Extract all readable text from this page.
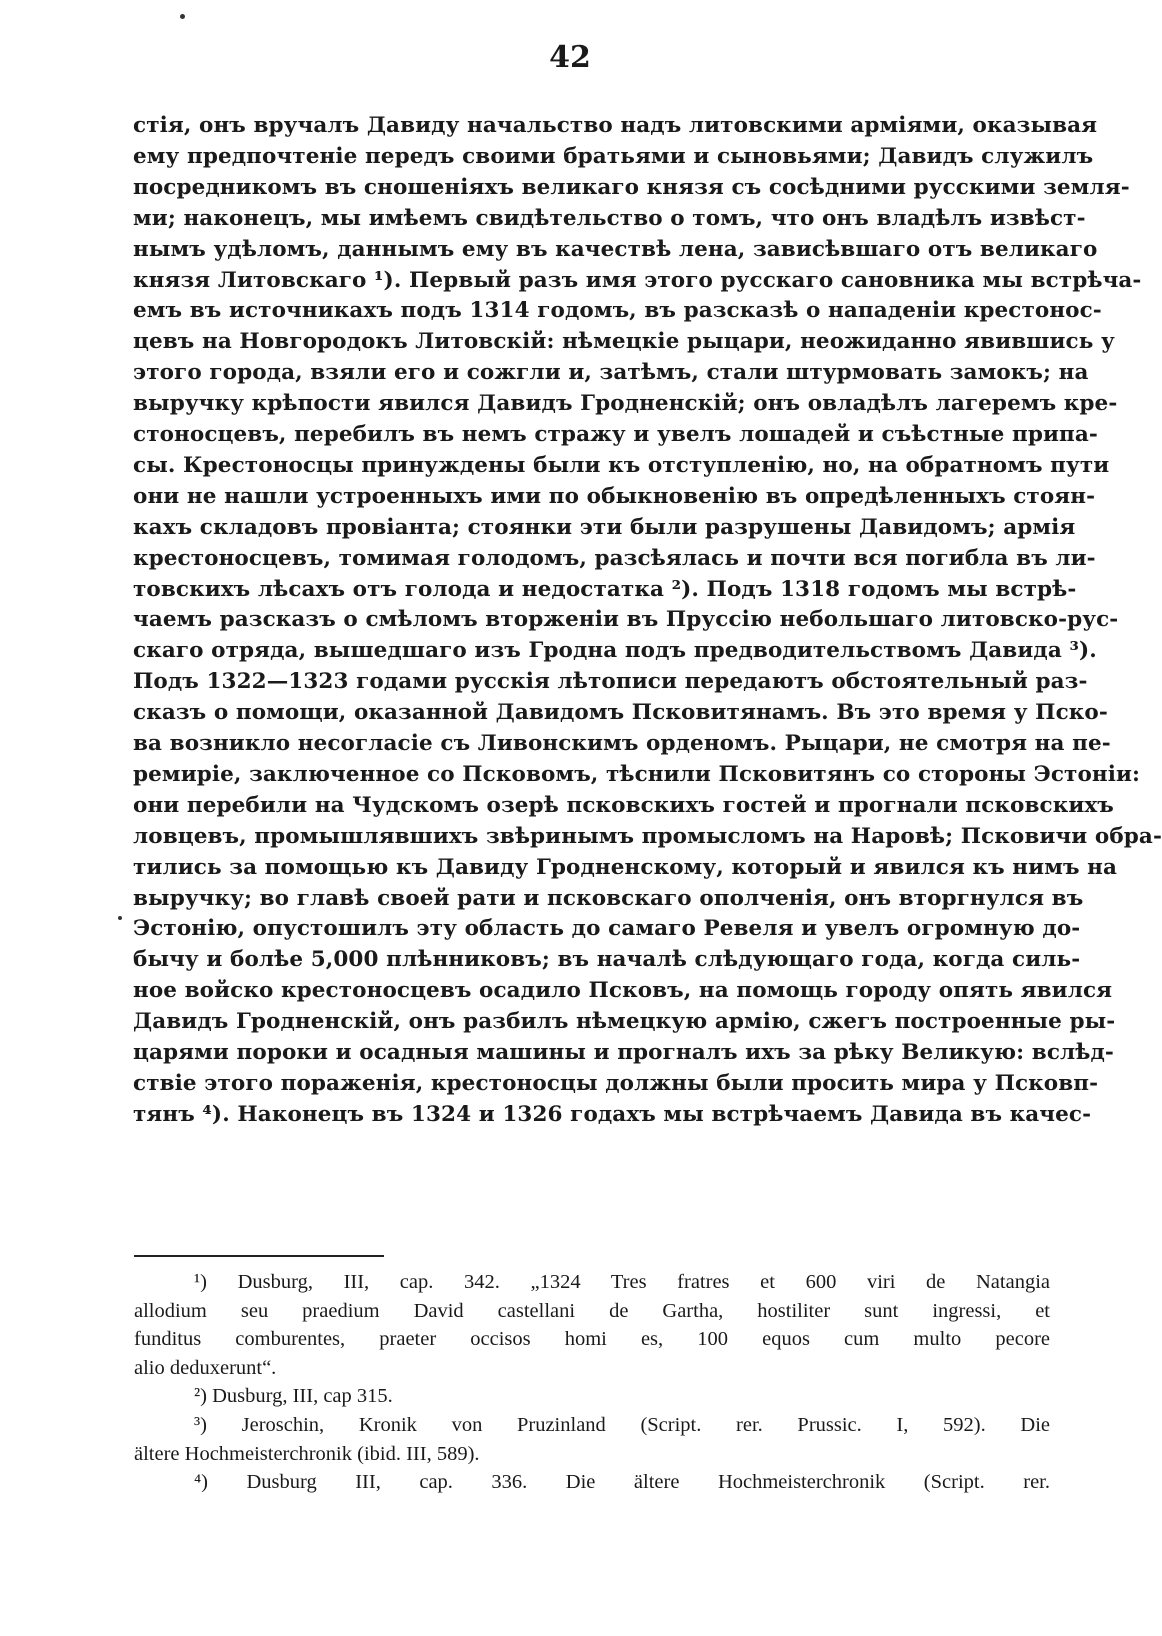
42
стія, онъ вручалъ Давиду начальство надъ литовскими арміями, оказывая
ему предпочтеніе передъ своими братьями и сыновьями; Давидъ служилъ
посредникомъ въ сношеніяхъ великаго князя съ сосѣдними русскими земля-
ми; наконецъ, мы имѣемъ свидѣтельство о томъ, что онъ владѣлъ извѣст-
нымъ удѣломъ, даннымъ ему въ качествѣ лена, зависѣвшаго отъ великаго
князя Литовскаго ¹). Первый разъ имя этого русскаго сановника мы встрѣча-
емъ въ источникахъ подъ 1314 годомъ, въ разсказѣ о нападеніи крестонос-
цевъ на Новгородокъ Литовскій: нѣмецкіе рыцари, неожиданно явившись у
этого города, взяли его и сожгли и, затѣмъ, стали штурмовать замокъ; на
выручку крѣпости явился Давидъ Гродненскій; онъ овладѣлъ лагеремъ кре-
стоносцевъ, перебилъ въ немъ стражу и увелъ лошадей и съѣстные припа-
сы. Крестоносцы принуждены были къ отступленію, но, на обратномъ пути
они не нашли устроенныхъ ими по обыкновенію въ опредѣленныхъ стоян-
кахъ складовъ провіанта; стоянки эти были разрушены Давидомъ; армія
крестоносцевъ, томимая голодомъ, разсѣялась и почти вся погибла въ ли-
товскихъ лѣсахъ отъ голода и недостатка ²). Подъ 1318 годомъ мы встрѣ-
чаемъ разсказъ о смѣломъ вторженіи въ Пруссію небольшаго литовско-рус-
скаго отряда, вышедшаго изъ Гродна подъ предводительствомъ Давида ³).
Подъ 1322—1323 годами русскія лѣтописи передаютъ обстоятельный раз-
сказъ о помощи, оказанной Давидомъ Псковитянамъ. Въ это время у Пско-
ва возникло несогласіе съ Ливонскимъ орденомъ. Рыцари, не смотря на пе-
ремиріе, заключенное со Псковомъ, тѣснили Псковитянъ со стороны Эстоніи:
они перебили на Чудскомъ озерѣ псковскихъ гостей и прогнали псковскихъ
ловцевъ, промышлявшихъ звѣринымъ промысломъ на Наровѣ; Псковичи обра-
тились за помощью къ Давиду Гродненскому, который и явился къ нимъ на
выручку; во главѣ своей рати и псковскаго ополченія, онъ вторгнулся въ
Эстонію, опустошилъ эту область до самаго Ревеля и увелъ огромную до-
бычу и болѣе 5,000 плѣнниковъ; въ началѣ слѣдующаго года, когда силь-
ное войско крестоносцевъ осадило Псковъ, на помощь городу опять явился
Давидъ Гродненскій, онъ разбилъ нѣмецкую армію, сжегъ построенные ры-
царями пороки и осадныя машины и прогналъ ихъ за рѣку Великую: вслѣд-
ствіе этого пораженія, крестоносцы должны были просить мира у Псковп-
тянъ ⁴). Наконецъ въ 1324 и 1326 годахъ мы встрѣчаемъ Давида въ качес-
¹) Dusburg, III, cap. 342. „1324 Tres fratres et 600 viri de Natangia
allodium seu praedium David castellani de Gartha, hostiliter sunt ingressi, et
funditus comburentes, praeter occisos homi es, 100 equos cum multo pecore
alio deduxerunt“.
²) Dusburg, III, cap 315.
³) Jeroschin, Kronik von Pruzinland (Script. rer. Prussic. I, 592). Die
ältere Hochmeisterchronik (ibid. III, 589).
⁴) Dusburg III, cap. 336. Die ältere Hochmeisterchronik (Script. rer.
